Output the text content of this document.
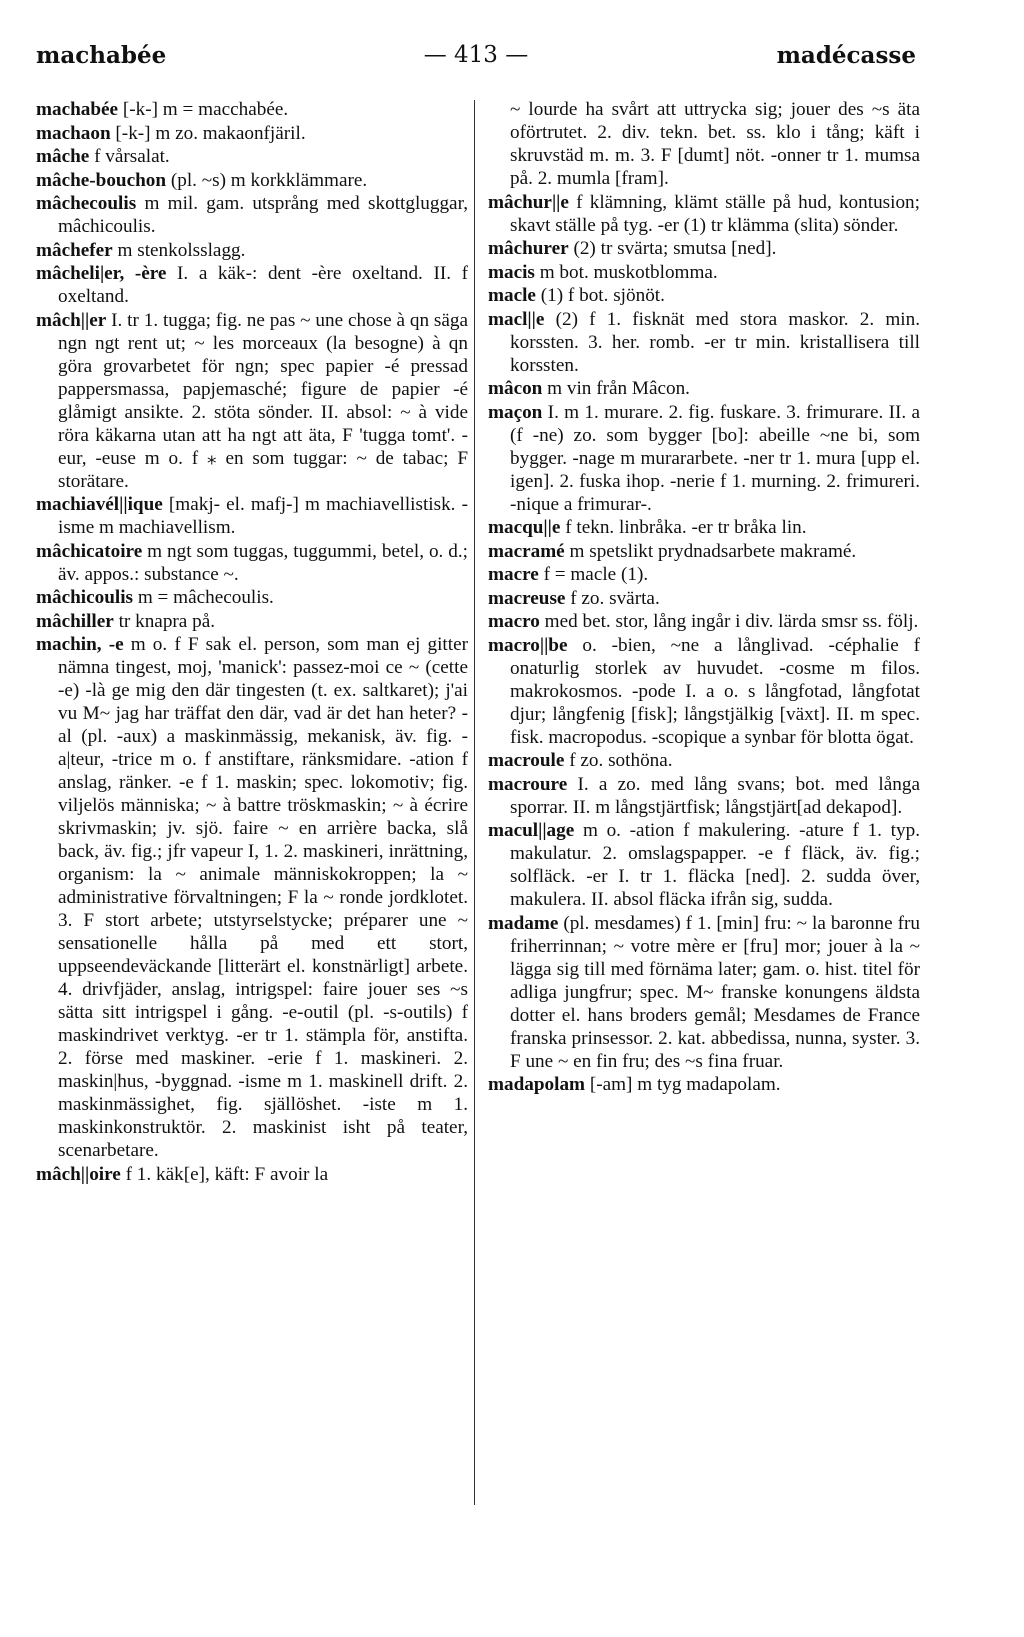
— 413 —
machabée	madécasse

machabée [-k-] m = macchabée.

machaon [-k-] m zo. makaonfjäril.

mâche f vårsalat.

mâche-bouchon (pl. ~s) m korkklämmare.

mâchecoulis m mil. gam. utsprång med skottgluggar, mâchicoulis.

mâchefer m stenkolsslagg.

mâcheli|er, -ère I. a käk-: dent -ère oxeltand. II. f oxeltand.

mâch||er I. tr 1. tugga; fig. ne pas ~ une chose à qn säga ngn ngt rent ut; ~ les morceaux (la besogne) à qn göra grovarbetet för ngn; spec papier -é pressad pappersmassa, papjemasché; figure de papier -é glåmigt ansikte. 2. stöta sönder. II. absol: ~ à vide röra käkarna utan att ha ngt att äta, F 'tugga tomt'. -eur, -euse m o. f ⁎ en som tuggar: ~ de tabac; F storätare.

machiavél||ique [makj- el. mafj-] m machiavellistisk. -isme m machiavellism.

mâchicatoire m ngt som tuggas, tuggummi, betel, o. d.; äv. appos.: substance ~.

mâchicoulis m = mâchecoulis.

mâchiller tr knapra på.

machin, -e m o. f F sak el. person, som man ej gitter nämna tingest, moj, 'manick': passez-moi ce ~ (cette -e) -là ge mig den där tingesten (t. ex. saltkaret); j'ai vu M~ jag har träffat den där, vad är det han heter? -al (pl. -aux) a maskinmässig, mekanisk, äv. fig. -a|teur, -trice m o. f anstiftare, ränksmidare. -ation f anslag, ränker. -e f 1. maskin; spec. lokomotiv; fig. viljelös människa; ~ à battre tröskmaskin; ~ à écrire skrivmaskin; jv. sjö. faire ~ en arrière backa, slå back, äv. fig.; jfr vapeur I, 1. 2. maskineri, inrättning, organism: la ~ animale människokroppen; la ~ administrative förvaltningen; F la ~ ronde jordklotet. 3. F stort arbete; utstyrselstycke; préparer une ~ sensationelle hålla på med ett stort, uppseendeväckande [litterärt el. konstnärligt] arbete. 4. drivfjäder, anslag, intrigspel: faire jouer ses ~s sätta sitt intrigspel i gång. -e-outil (pl. -s-outils) f maskindrivet verktyg. -er tr 1. stämpla för, anstifta. 2. förse med maskiner. -erie f 1. maskineri. 2. maskin|hus, -byggnad. -isme m 1. maskinell drift. 2. maskinmässighet, fig. själlöshet. -iste m 1. maskinkonstruktör. 2. maskinist isht på teater, scenarbetare.

mâch||oire f 1. käk[e], käft: F avoir la

~ lourde ha svårt att uttrycka sig; jouer des ~s äta oförtrutet. 2. div. tekn. bet. ss. klo i tång; käft i skruvstäd m. m. 3. F [dumt] nöt. -onner tr 1. mumsa på. 2. mumla [fram].

mâchur||e f klämning, klämt ställe på hud, kontusion; skavt ställe på tyg. -er (1) tr klämma (slita) sönder.

mâchurer (2) tr svärta; smutsa [ned].

macis m bot. muskotblomma.

macle (1) f bot. sjönöt.

macl||e (2) f 1. fisknät med stora maskor. 2. min. korssten. 3. her. romb. -er tr min. kristallisera till korssten.

mâcon m vin från Mâcon.

maçon I. m 1. murare. 2. fig. fuskare. 3. frimurare. II. a (f -ne) zo. som bygger [bo]: abeille ~ne bi, som bygger. -nage m murararbete. -ner tr 1. mura [upp el. igen]. 2. fuska ihop. -nerie f 1. murning. 2. frimureri. -nique a frimurar-.

macqu||e f tekn. linbråka. -er tr bråka lin.

macramé m spetslikt prydnadsarbete makramé.

macre f = macle (1).

macreuse f zo. svärta.

macro med bet. stor, lång ingår i div. lärda smsr ss. följ.

macro||be o. -bien, ~ne a långlivad. -céphalie f onaturlig storlek av huvudet. -cosme m filos. makrokosmos. -pode I. a o. s långfotad, långfotat djur; långfenig [fisk]; långstjälkig [växt]. II. m spec. fisk. macropodus. -scopique a synbar för blotta ögat.

macroule f zo. sothöna.

macroure I. a zo. med lång svans; bot. med långa sporrar. II. m långstjärtfisk; långstjärt[ad dekapod].

macul||age m o. -ation f makulering. -ature f 1. typ. makulatur. 2. omslagspapper. -e f fläck, äv. fig.; solfläck. -er I. tr 1. fläcka [ned]. 2. sudda över, makulera. II. absol fläcka ifrån sig, sudda.

madame (pl. mesdames) f 1. [min] fru: ~ la baronne fru friherrinnan; ~ votre mère er [fru] mor; jouer à la ~ lägga sig till med förnäma later; gam. o. hist. titel för adliga jungfrur; spec. M~ franske konungens äldsta dotter el. hans broders gemål; Mesdames de France franska prinsessor. 2. kat. abbedissa, nunna, syster. 3. F une ~ en fin fru; des ~s fina fruar.

madapolam [-am] m tyg madapolam.
